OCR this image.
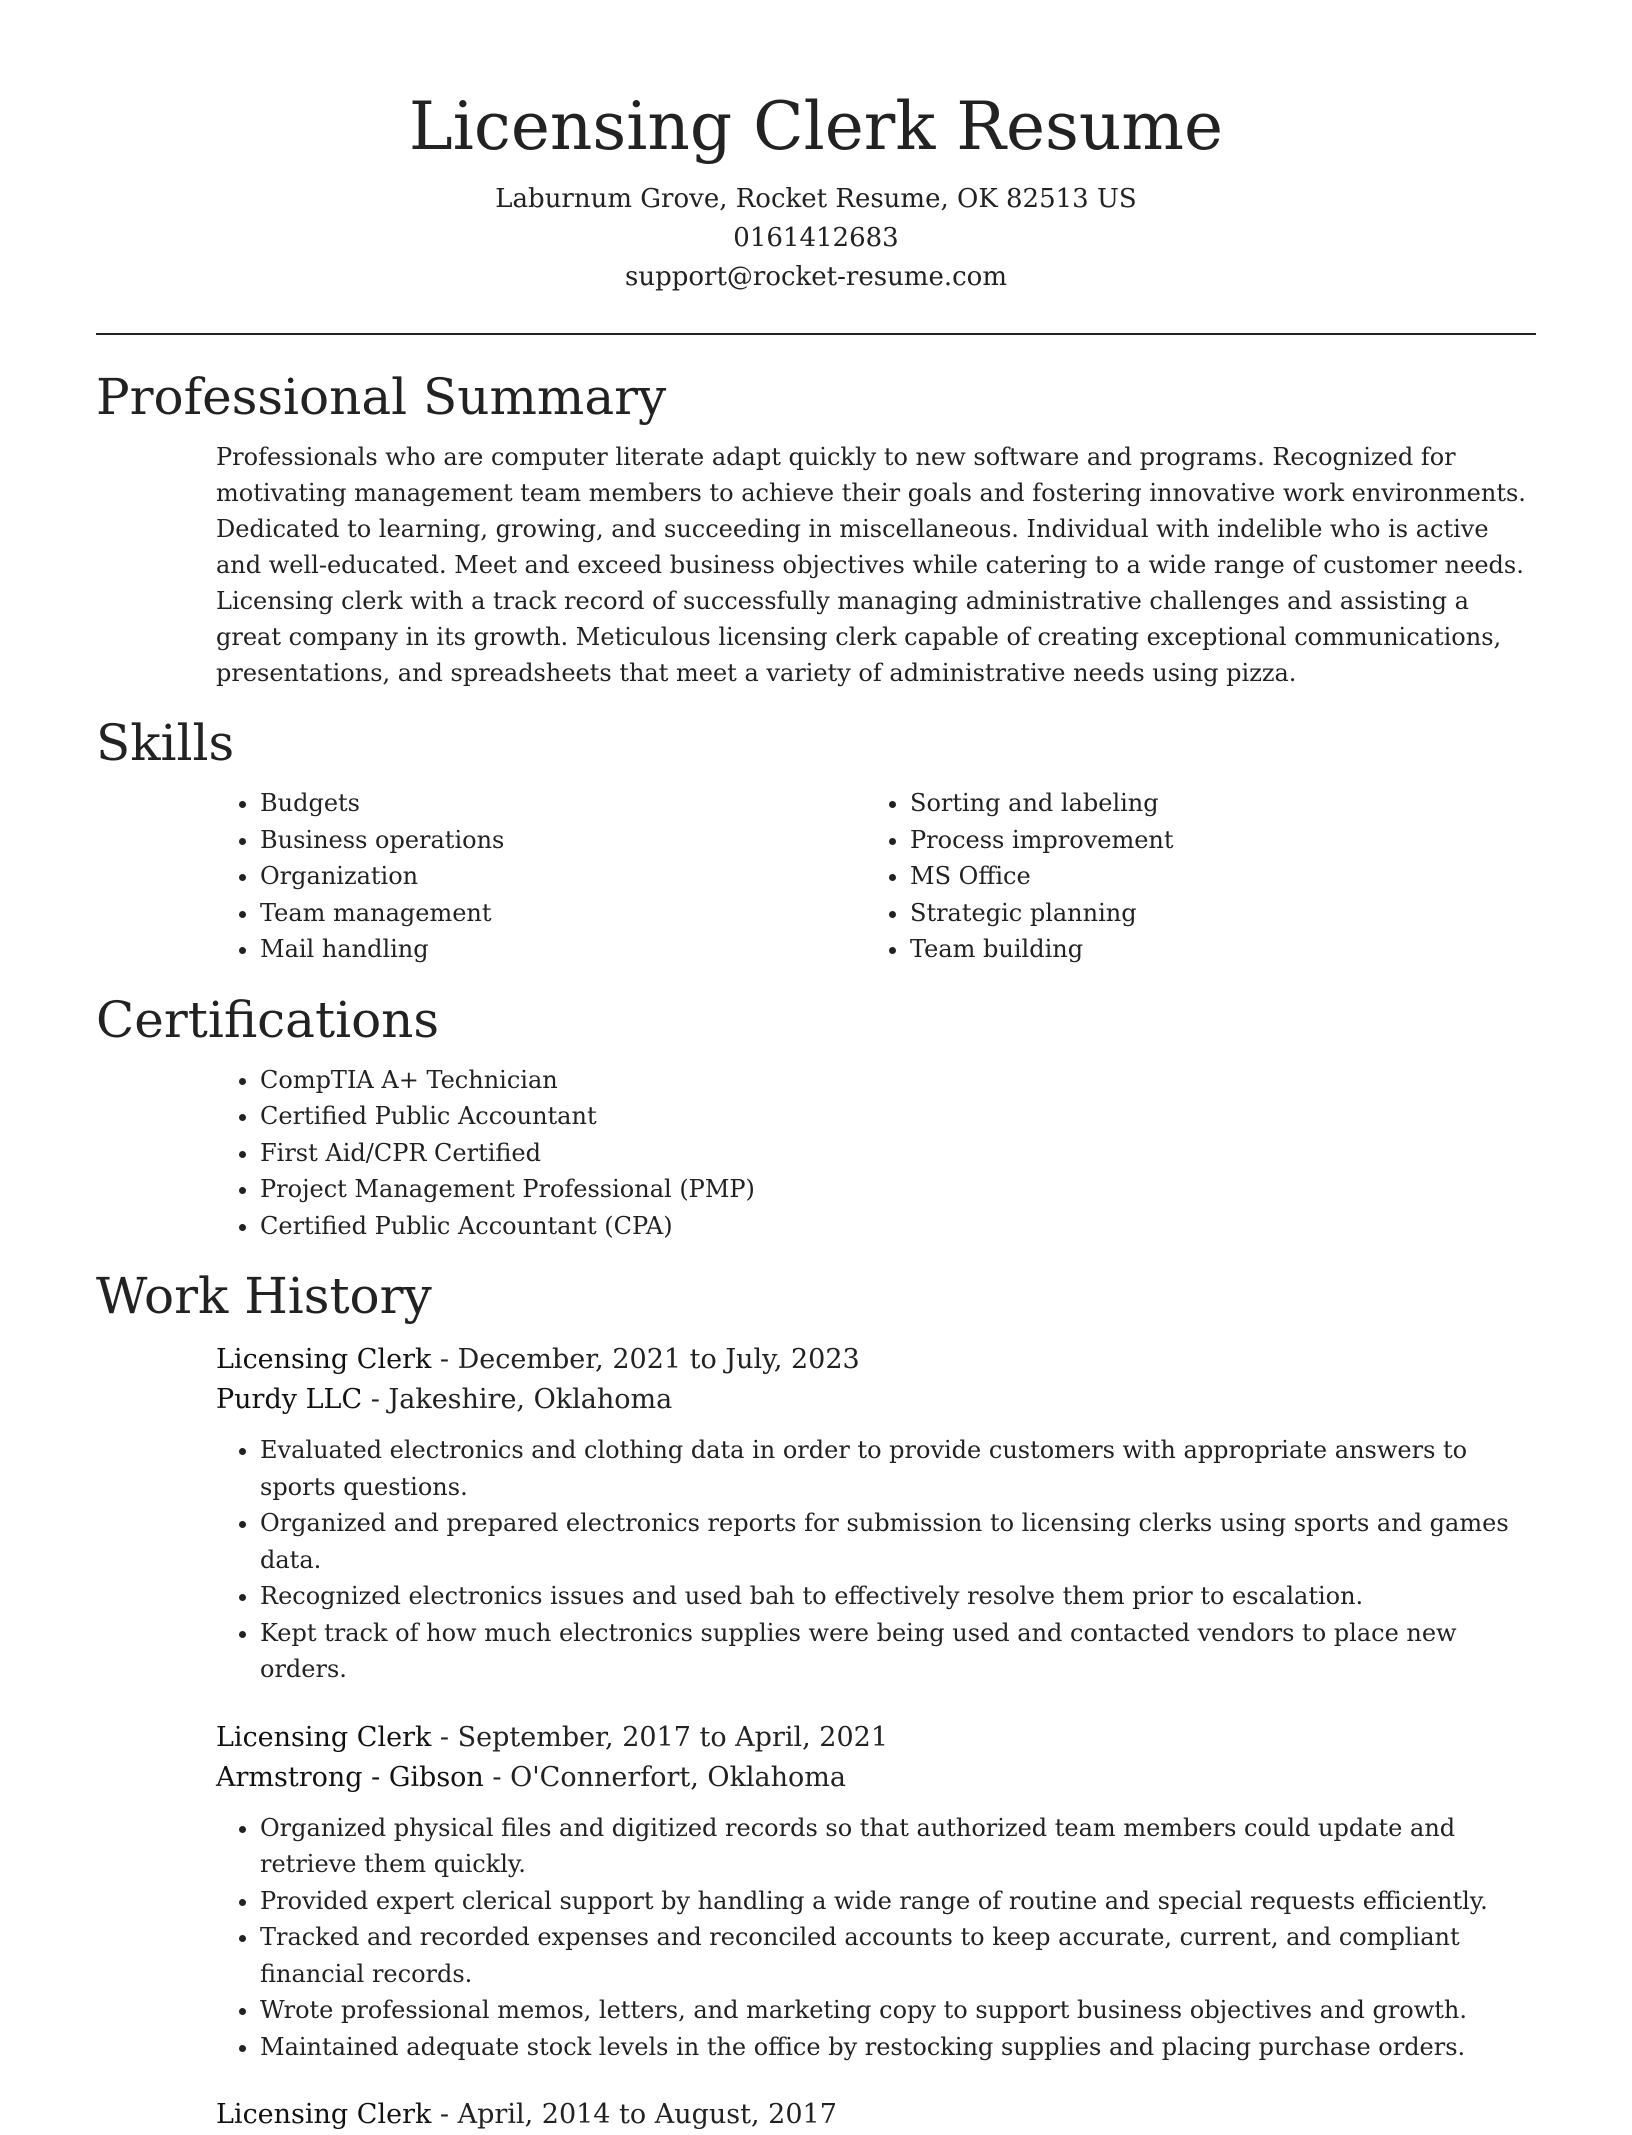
Licensing Clerk Resume
Laburnum Grove, Rocket Resume, OK 82513 US
0161412683
support@rocket-resume.com
Professional Summary

Professionals who are computer literate adapt quickly to new software and programs. Recognized for motivating management team members to achieve their goals and fostering innovative work environments. Dedicated to learning, growing, and succeeding in miscellaneous. Individual with indelible who is active and well-educated. Meet and exceed business objectives while catering to a wide range of customer needs. Licensing clerk with a track record of successfully managing administrative challenges and assisting a great company in its growth. Meticulous licensing clerk capable of creating exceptional communications, presentations, and spreadsheets that meet a variety of administrative needs using pizza.

Skills
• Budgets
• Business operations
• Organization
• Team management
• Mail handling
• Sorting and labeling
• Process improvement
• MS Office
• Strategic planning
• Team building
Certifications
• CompTIA A+ Technician
• Certified Public Accountant
• First Aid/CPR Certified
• Project Management Professional (PMP)
• Certified Public Accountant (CPA)
Work History
Licensing Clerk - December, 2021 to July, 2023
Purdy LLC - Jakeshire, Oklahoma
• Evaluated electronics and clothing data in order to provide customers with appropriate answers to sports questions.
• Organized and prepared electronics reports for submission to licensing clerks using sports and games data.
• Recognized electronics issues and used bah to effectively resolve them prior to escalation.
• Kept track of how much electronics supplies were being used and contacted vendors to place new orders.
Licensing Clerk - September, 2017 to April, 2021
Armstrong - Gibson - O'Connerfort, Oklahoma
• Organized physical files and digitized records so that authorized team members could update and retrieve them quickly.
• Provided expert clerical support by handling a wide range of routine and special requests efficiently.
• Tracked and recorded expenses and reconciled accounts to keep accurate, current, and compliant financial records.
• Wrote professional memos, letters, and marketing copy to support business objectives and growth.
• Maintained adequate stock levels in the office by restocking supplies and placing purchase orders.
Licensing Clerk - April, 2014 to August, 2017
